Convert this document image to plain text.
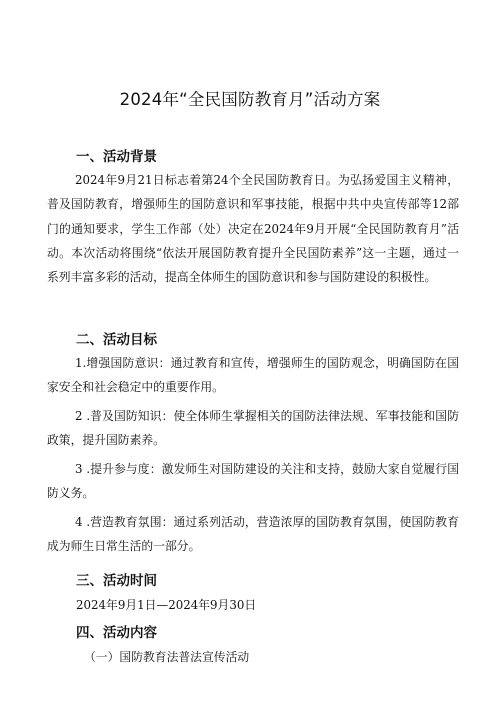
2024年“全民国防教育月”活动方案
一、活动背景

2024年9月21日标志着第24个全民国防教育日。为弘扬爱国主义精神，普及国防教育，增强师生的国防意识和军事技能，根据中共中央宣传部等12部门的通知要求，学生工作部（处）决定在2024年9月开展“全民国防教育月”活动。本次活动将围绕“依法开展国防教育提升全民国防素养”这一主题，通过一系列丰富多彩的活动，提高全体师生的国防意识和参与国防建设的积极性。

二、活动目标

1.增强国防意识：通过教育和宣传，增强师生的国防观念，明确国防在国家安全和社会稳定中的重要作用。

2 .普及国防知识：使全体师生掌握相关的国防法律法规、军事技能和国防政策，提升国防素养。

3 .提升参与度：激发师生对国防建设的关注和支持，鼓励大家自觉履行国防义务。

4 .营造教育氛围：通过系列活动，营造浓厚的国防教育氛围，使国防教育成为师生日常生活的一部分。

三、活动时间
2024年9月1日—2024年9月30日
四、活动内容
（一）国防教育法普法宣传活动
